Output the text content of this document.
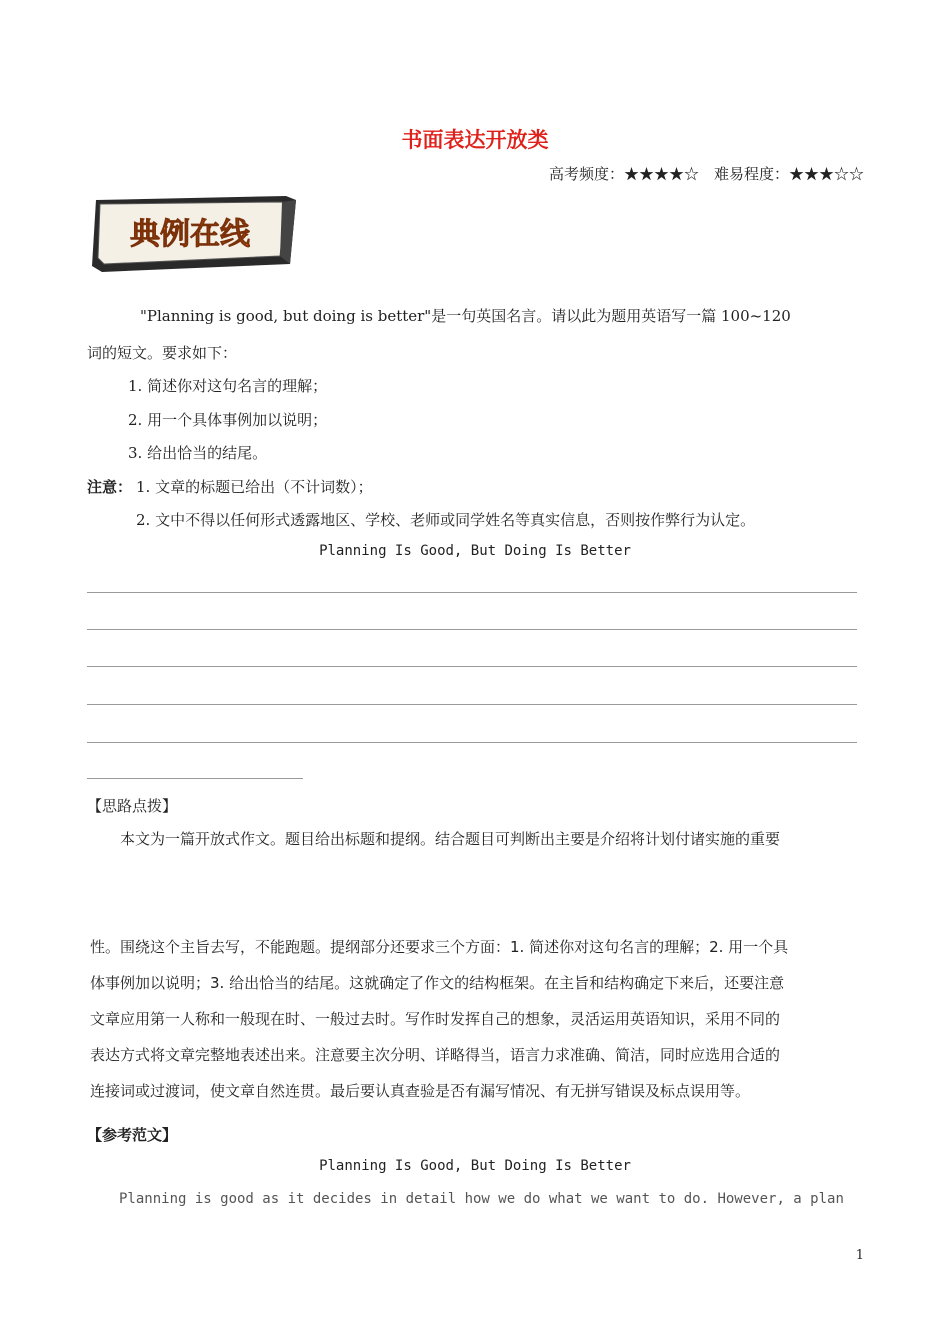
书面表达开放类
高考频度：★★★★☆　难易程度：★★★☆☆
典例在线
"Planning is good, but doing is better"是一句英国名言。请以此为题用英语写一篇 100~120
词的短文。要求如下：
1. 简述你对这句名言的理解；
2. 用一个具体事例加以说明；
3. 给出恰当的结尾。
注意： 1. 文章的标题已给出（不计词数）；
2. 文中不得以任何形式透露地区、学校、老师或同学姓名等真实信息，否则按作弊行为认定。
Planning Is Good, But Doing Is Better
【思路点拨】
本文为一篇开放式作文。题目给出标题和提纲。结合题目可判断出主要是介绍将计划付诸实施的重要
性。围绕这个主旨去写，不能跑题。提纲部分还要求三个方面：1. 简述你对这句名言的理解；2. 用一个具
体事例加以说明；3. 给出恰当的结尾。这就确定了作文的结构框架。在主旨和结构确定下来后，还要注意
文章应用第一人称和一般现在时、一般过去时。写作时发挥自己的想象，灵活运用英语知识，采用不同的
表达方式将文章完整地表述出来。注意要主次分明、详略得当，语言力求准确、简洁，同时应选用合适的
连接词或过渡词，使文章自然连贯。最后要认真查验是否有漏写情况、有无拼写错误及标点误用等。
【参考范文】
Planning Is Good, But Doing Is Better
Planning is good as it decides in detail how we do what we want to do. However, a plan
1
